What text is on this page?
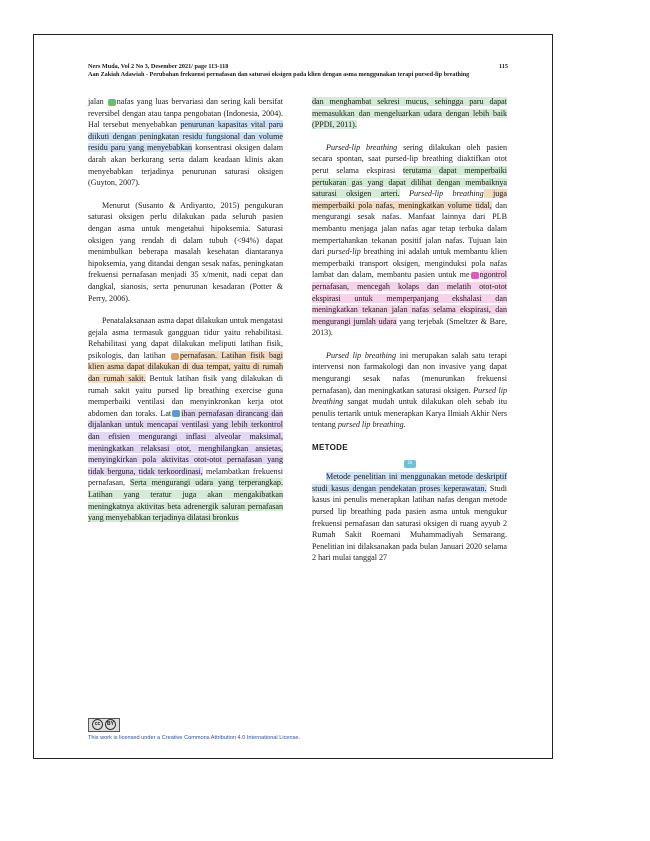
Ners Muda, Vol 2 No 3, Desember 2021/ page 113-118	115
Aan Zakiah Adawiah - Perubahan frekuensi pernafasan dan saturasi oksigen pada klien dengan asma menggunakan terapi pursed-lip breathing

jalan nafas yang luas bervariasi dan sering kali bersifat reversibel dengan atau tanpa pengobatan (Indonesia, 2004). Hal tersebut menyebabkan penurunan kapasitas vital paru diikuti dengan peningkatan residu fungsional dan volume residu paru yang menyebabkan konsentrasi oksigen dalam darah akan berkurang serta dalam keadaan klinis akan menyebabkan terjadinya penurunan saturasi oksigen (Guyton, 2007).

Menurut (Susanto & Ardiyanto, 2015) pengukuran saturasi oksigen perlu dilakukan pada seluruh pasien dengan asma untuk mengetahui hipoksemia. Saturasi oksigen yang rendah di dalam tubuh (<94%) dapat menimbulkan beberapa masalah kesehatan diantaranya hipoksemia, yang ditandai dengan sesak nafas, peningkatan frekuensi pernafasan menjadi 35 x/menit, nadi cepat dan dangkal, sianosis, serta penurunan kesadaran (Potter & Perry, 2006).

Penatalaksanaan asma dapat dilakukan untuk mengatasi gejala asma termasuk gangguan tidur yaitu rehabilitasi. Rehabilitasi yang dapat dilakukan meliputi latihan fisik, psikologis, dan latihan pernafasan. Latihan fisik bagi klien asma dapat dilakukan di dua tempat, yaitu di rumah dan rumah sakit. Bentuk latihan fisik yang dilakukan di rumah sakit yaitu pursed lip breathing exercise guna memperbaiki ventilasi dan menyinkronkan kerja otot abdomen dan toraks. Lat ihan pernafasan dirancang dan dijalankan untuk mencapai ventilasi yang lebih terkontrol dan efisien mengurangi inflasi alveolar maksimal, meningkatkan relaksasi otot, menghilangkan ansietas, menyingkirkan pola aktivitas otot-otot pernafasan yang tidak berguna, tidak terkoordinasi, melambatkan frekuensi pernafasan, Serta mengurangi udara yang terperangkap. Latihan yang teratur juga akan mengakibatkan meningkatnya aktivitas beta adrenergik saluran pernafasan yang menyebabkan terjadinya dilatasi bronkus

dan menghambat sekresi mucus, sehingga paru dapat memasukkan dan mengeluarkan udara dengan lebih baik (PPDI, 2011).

Pursed-lip breathing sering dilakukan oleh pasien secara spontan, saat pursed-lip breathing diaktifkan otot perut selama ekspirasi terutama dapat memperbaiki pertukaran gas yang dapat dilihat dengan membaiknya saturasi oksigen arteri. Pursed-lip breathing juga memperbaiki pola nafas, meningkatkan volume tidal, dan mengurangi sesak nafas. Manfaat lainnya dari PLB membantu menjaga jalan nafas agar tetap terbuka dalam mempertahankan tekanan positif jalan nafas. Tujuan lain dari pursed-lip breathing ini adalah untuk membantu klien memperbaiki transport oksigen, menginduksi pola nafas lambat dan dalam, membantu pasien untuk me ngontrol pernafasan, mencegah kolaps dan melatih otot-otot ekspirasi untuk memperpanjang ekshalasi dan meningkatkan tekanan jalan nafas selama ekspirasi, dan mengurangi jumlah udara yang terjebak (Smeltzer & Bare, 2013).

Pursed lip breathing ini merupakan salah satu terapi intervensi non farmakologi dan non invasive yang dapat mengurangi sesak nafas (menurunkan frekuensi pernafasan), dan meningkatkan saturasi oksigen. Pursed lip breathing sangat mudah untuk dilakukan oleh sebab itu penulis tertarik untuk menerapkan Karya Ilmiah Akhir Ners tentang pursed lip breathing.

METODE
18

Metode penelitian ini menggunakan metode deskriptif studi kasus dengan pendekatan proses keperawatan. Studi kasus ini penulis menerapkan latihan nafas dengan metode pursed lip breathing pada pasien asma untuk mengukur frekuensi pernafasan dan saturasi oksigen di ruang ayyub 2 Rumah Sakit Roemani Muhammadiyah Semarang. Penelitian ini dilaksanakan pada bulan Januari 2020 selama 2 hari mulai tanggal 27

cc	BY
This work is licensed under a Creative Commons Attribution 4.0 International License.
